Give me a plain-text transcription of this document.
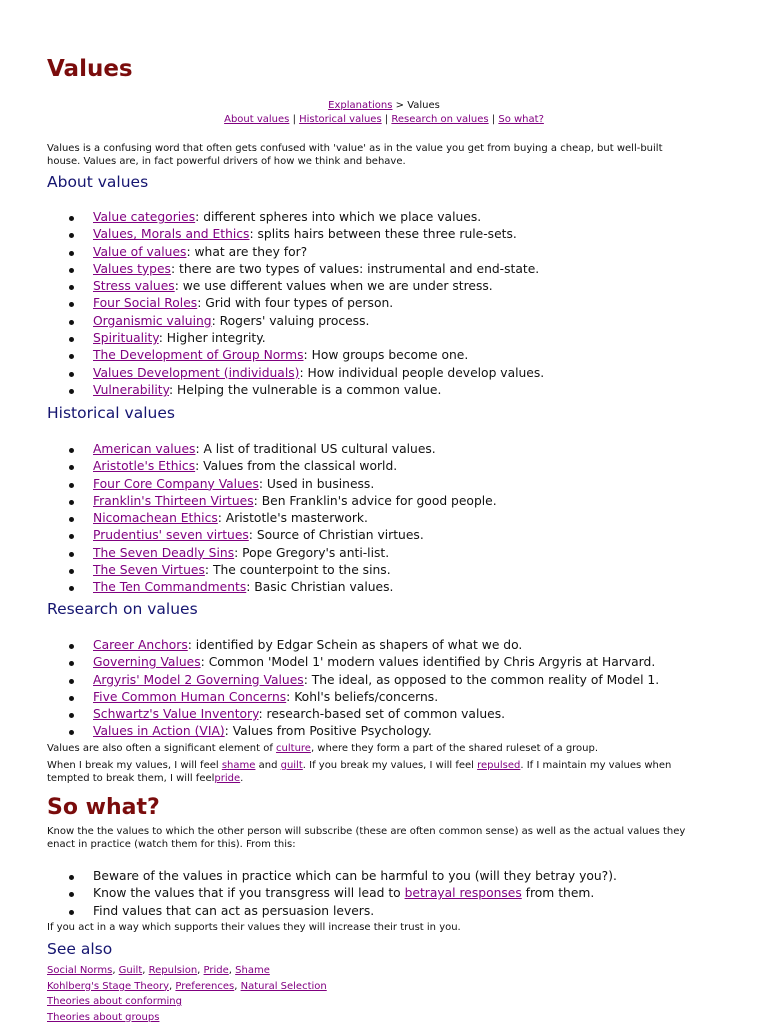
Values
Explanations > Values
About values | Historical values | Research on values | So what?

Values is a confusing word that often gets confused with 'value' as in the value you get from buying a cheap, but well-built
house. Values are, in fact powerful drivers of how we think and behave.

About values
Value categories: different spheres into which we place values.
Values, Morals and Ethics: splits hairs between these three rule-sets.
Value of values: what are they for?
Values types: there are two types of values: instrumental and end-state.
Stress values: we use different values when we are under stress.
Four Social Roles: Grid with four types of person.
Organismic valuing: Rogers' valuing process.
Spirituality: Higher integrity.
The Development of Group Norms: How groups become one.
Values Development (individuals): How individual people develop values.
Vulnerability: Helping the vulnerable is a common value.
Historical values
American values: A list of traditional US cultural values.
Aristotle's Ethics: Values from the classical world.
Four Core Company Values: Used in business.
Franklin's Thirteen Virtues: Ben Franklin's advice for good people.
Nicomachean Ethics: Aristotle's masterwork.
Prudentius' seven virtues: Source of Christian virtues.
The Seven Deadly Sins: Pope Gregory's anti-list.
The Seven Virtues: The counterpoint to the sins.
The Ten Commandments: Basic Christian values.
Research on values
Career Anchors: identified by Edgar Schein as shapers of what we do.
Governing Values: Common 'Model 1' modern values identified by Chris Argyris at Harvard.
Argyris' Model 2 Governing Values: The ideal, as opposed to the common reality of Model 1.
Five Common Human Concerns: Kohl's beliefs/concerns.
Schwartz's Value Inventory: research-based set of common values.
Values in Action (VIA): Values from Positive Psychology.

Values are also often a significant element of culture, where they form a part of the shared ruleset of a group.

When I break my values, I will feel shame and guilt. If you break my values, I will feel repulsed. If I maintain my values when
tempted to break them, I will feelpride.

So what?

Know the the values to which the other person will subscribe (these are often common sense) as well as the actual values they
enact in practice (watch them for this). From this:

Beware of the values in practice which can be harmful to you (will they betray you?).
Know the values that if you transgress will lead to betrayal responses from them.
Find values that can act as persuasion levers.

If you act in a way which supports their values they will increase their trust in you.

See also
Social Norms, Guilt, Repulsion, Pride, Shame
Kohlberg's Stage Theory, Preferences, Natural Selection
Theories about conforming
Theories about groups
